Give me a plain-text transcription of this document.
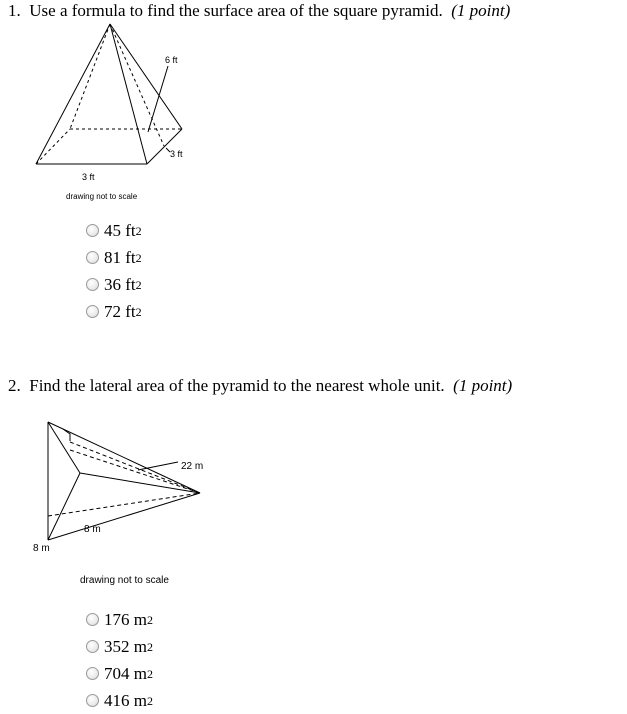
1. Use a formula to find the surface area of the square pyramid. (1 point)
6 ft
3 ft
3 ft
drawing not to scale
45
ft 2
81
ft 2
36
ft 2
72
ft 2
2. Find the lateral area of the pyramid to the nearest whole unit. (1 point)
22 m
8 m
8 m
drawing not to scale
176
m 2
352
m 2
704
m 2
416
m 2
